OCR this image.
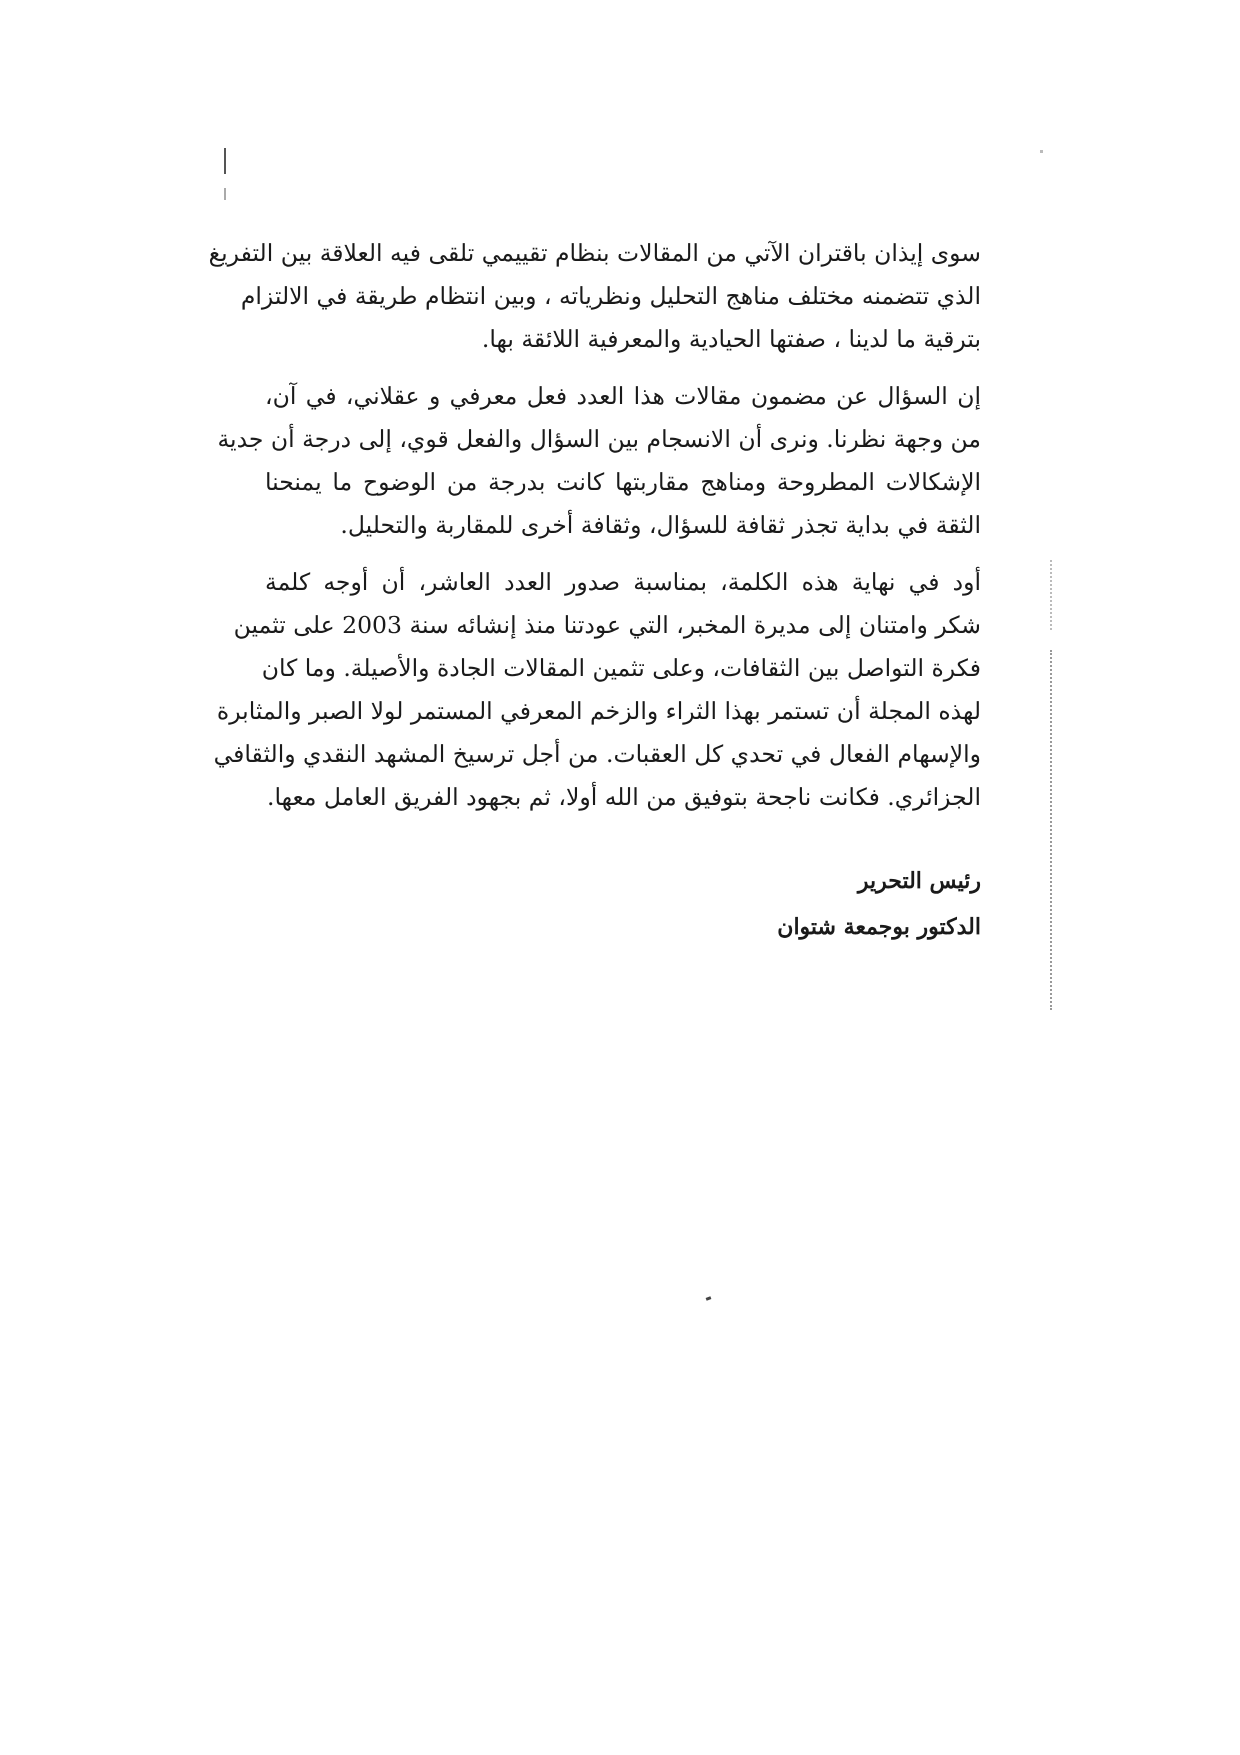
سوى إيذان باقتران الآتي من المقالات بنظام تقييمي تلقى فيه العلاقة بين التفريغ
الذي تتضمنه مختلف مناهج التحليل ونظرياته ، وبين انتظام طريقة في الالتزام
بترقية ما لدينا ، صفتها الحيادية والمعرفية اللائقة بها.
إن السؤال عن مضمون مقالات هذا العدد فعل معرفي و عقلاني، في آن،
من وجهة نظرنا. ونرى أن الانسجام بين السؤال والفعل قوي، إلى درجة أن جدية
الإشكالات المطروحة ومناهج مقاربتها كانت بدرجة من الوضوح ما يمنحنا
الثقة في بداية تجذر ثقافة للسؤال، وثقافة أخرى للمقاربة والتحليل.
أود في نهاية هذه الكلمة، بمناسبة صدور العدد العاشر، أن أوجه كلمة
شكر وامتنان إلى مديرة المخبر، التي عودتنا منذ إنشائه سنة 2003 على تثمين
فكرة التواصل بين الثقافات، وعلى تثمين المقالات الجادة والأصيلة. وما كان
لهذه المجلة أن تستمر بهذا الثراء والزخم المعرفي المستمر لولا الصبر والمثابرة
والإسهام الفعال في تحدي كل العقبات. من أجل ترسيخ المشهد النقدي والثقافي
الجزائري. فكانت ناجحة بتوفيق من الله أولا، ثم بجهود الفريق العامل معها.
رئيس التحرير
الدكتور بوجمعة شتوان
